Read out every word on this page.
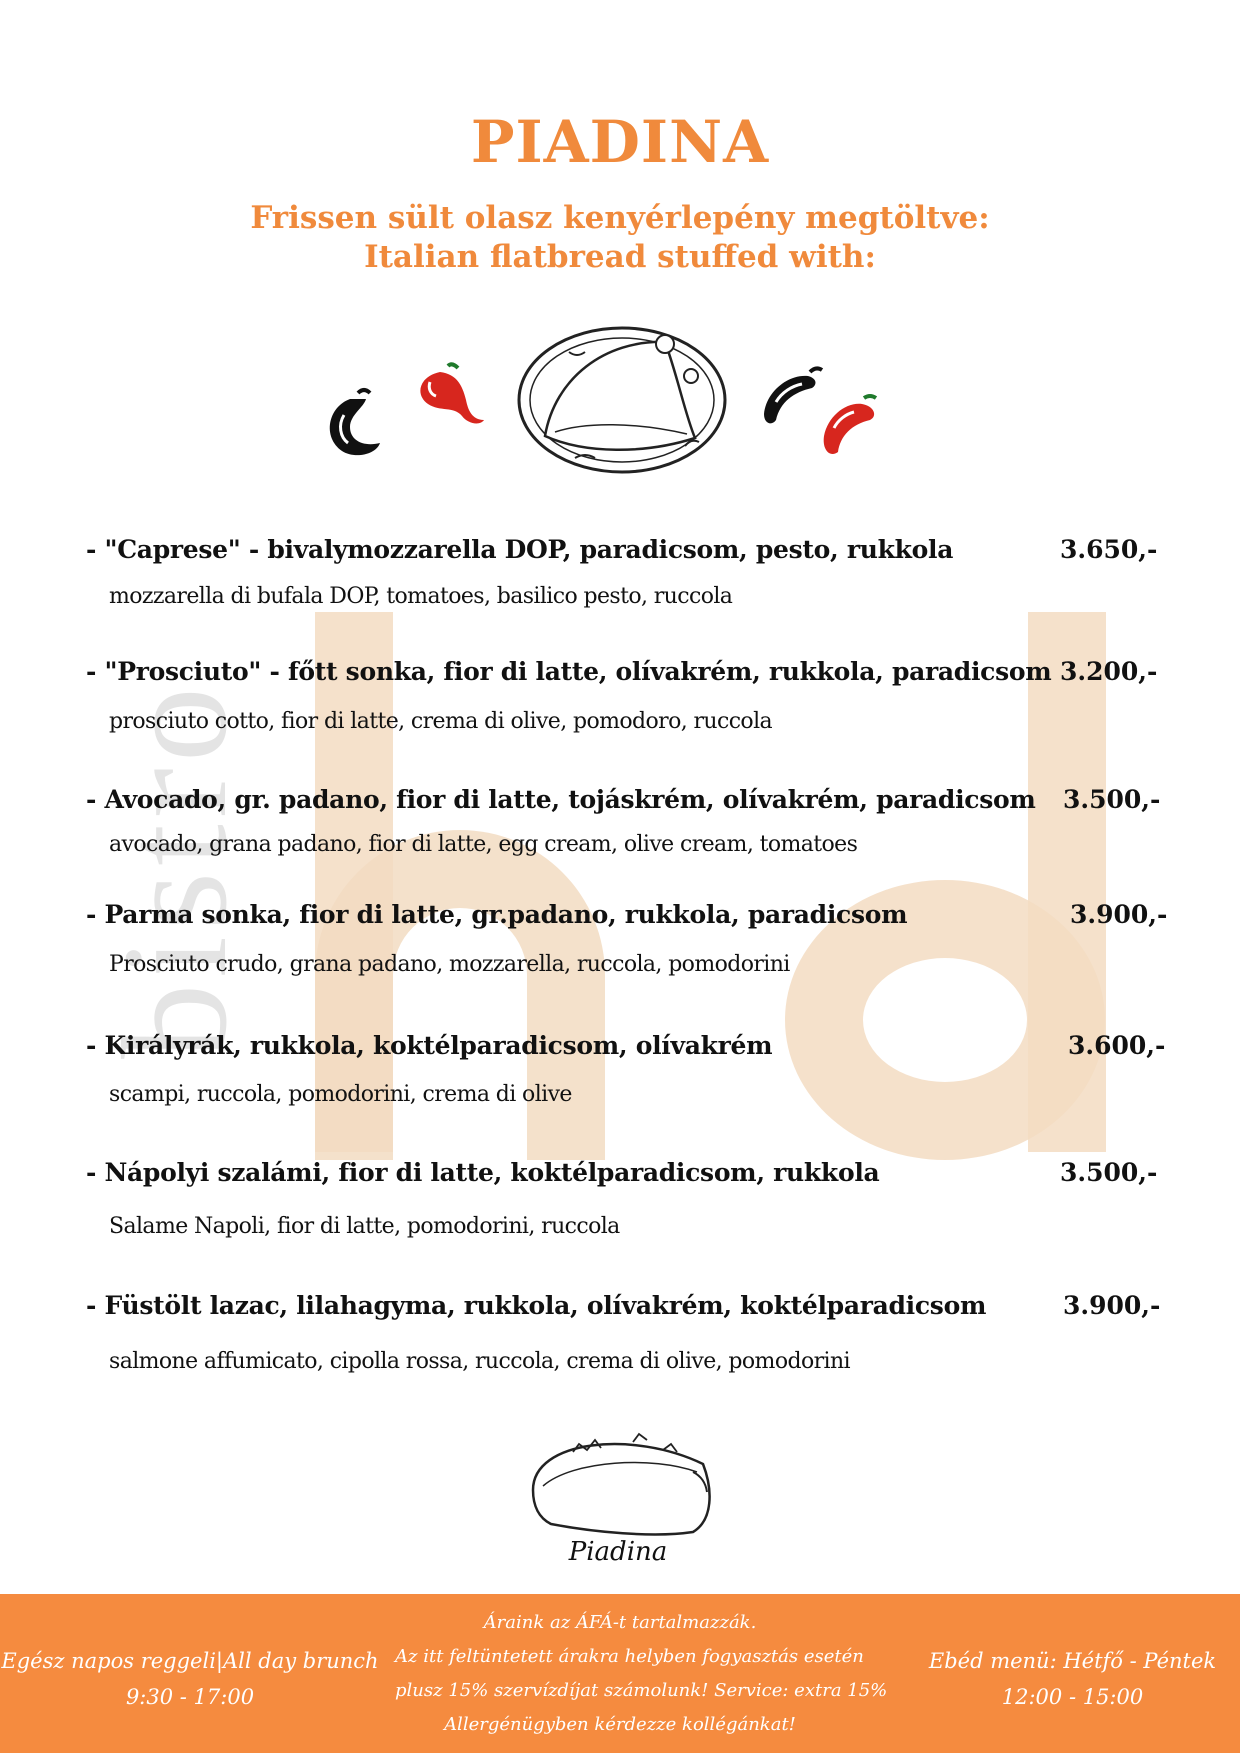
bistro
PIADINA
Frissen sült olasz kenyérlepény megtöltve:
Italian flatbread stuffed with:
- "Caprese" - bivalymozzarella DOP, paradicsom, pesto, rukkola	3.650,-
mozzarella di bufala DOP, tomatoes, basilico pesto, ruccola
- "Prosciuto" - főtt sonka, fior di latte, olívakrém, rukkola, paradicsom 3.200,-
prosciuto cotto, fior di latte, crema di olive, pomodoro, ruccola
- Avocado, gr. padano, fior di latte, tojáskrém, olívakrém, paradicsom 3.500,-
avocado, grana padano, fior di latte, egg cream, olive cream, tomatoes
- Parma sonka, fior di latte, gr.padano, rukkola, paradicsom	3.900,-
Prosciuto crudo, grana padano, mozzarella, ruccola, pomodorini
- Királyrák, rukkola, koktélparadicsom, olívakrém	3.600,-
scampi, ruccola, pomodorini, crema di olive
- Nápolyi szalámi, fior di latte, koktélparadicsom, rukkola	3.500,-
Salame Napoli, fior di latte, pomodorini, ruccola
- Füstölt lazac, lilahagyma, rukkola, olívakrém, koktélparadicsom	3.900,-
salmone affumicato, cipolla rossa, ruccola, crema di olive, pomodorini
Piadina
Egész napos reggeli|All day brunch
9:30 - 17:00
Áraink az ÁFÁ-t tartalmazzák.
Az itt feltüntetett árakra helyben fogyasztás esetén
plusz 15% szervízdíjat számolunk! Service: extra 15%
Allergénügyben kérdezze kollégánkat!
Ebéd menü: Hétfő - Péntek
12:00 - 15:00
